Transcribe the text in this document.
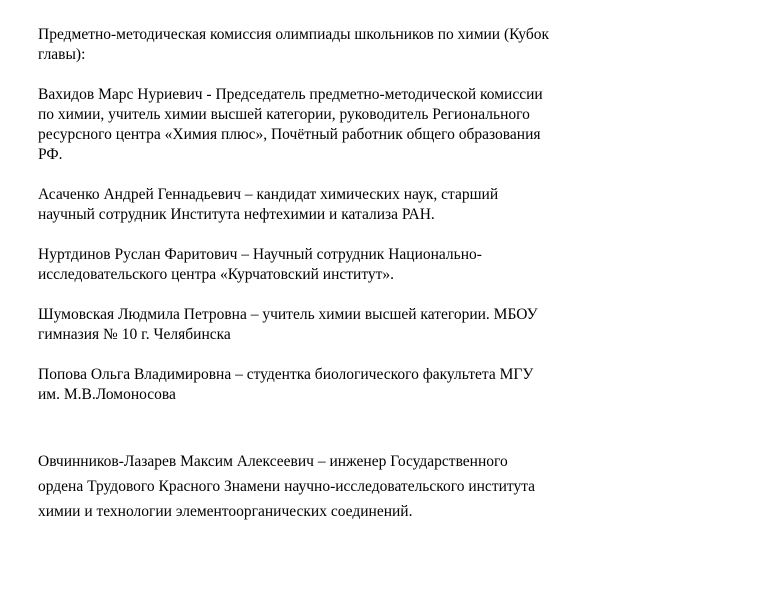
Предметно-методическая комиссия олимпиады школьников по химии (Кубок
главы):

Вахидов Марс Нуриевич - Председатель предметно-методической комиссии
по химии, учитель химии высшей категории, руководитель Регионального
ресурсного центра «Химия плюс», Почётный работник общего образования
РФ.

Асаченко Андрей Геннадьевич – кандидат химических наук, старший
научный сотрудник Института нефтехимии и катализа РАН.

Нуртдинов Руслан Фаритович – Научный сотрудник Национально-
исследовательского центра «Курчатовский институт».

Шумовская Людмила Петровна – учитель химии высшей категории. МБОУ
гимназия № 10 г. Челябинска

Попова Ольга Владимировна – студентка биологического факультета МГУ
им. М.В.Ломоносова

Овчинников-Лазарев Максим Алексеевич – инженер Государственного
ордена Трудового Красного Знамени научно-исследовательского института
химии и технологии элементоорганических соединений.
